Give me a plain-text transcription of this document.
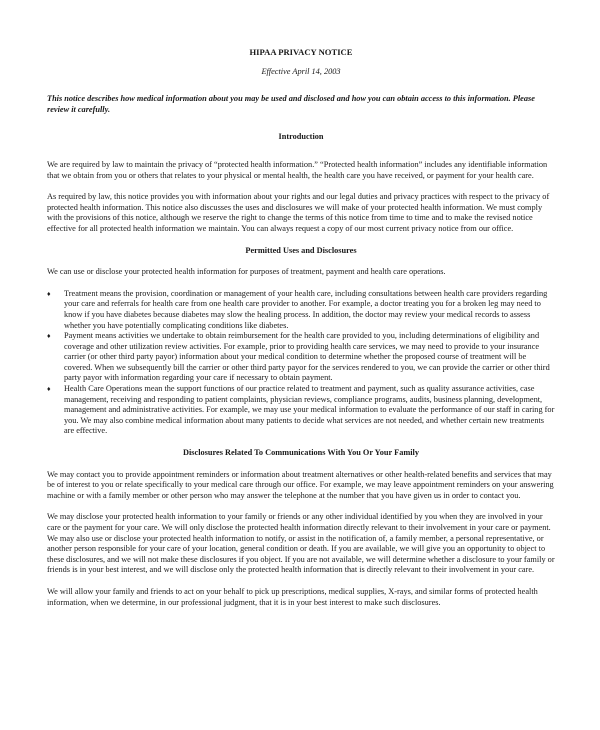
HIPAA PRIVACY NOTICE

Effective April 14, 2003

This notice describes how medical information about you may be used and disclosed and how you can obtain access to this information. Please review it carefully.

Introduction

We are required by law to maintain the privacy of “protected health information.” “Protected health information” includes any identifiable information that we obtain from you or others that relates to your physical or mental health, the health care you have received, or payment for your health care.

As required by law, this notice provides you with information about your rights and our legal duties and privacy practices with respect to the privacy of protected health information. This notice also discusses the uses and disclosures we will make of your protected health information. We must comply with the provisions of this notice, although we reserve the right to change the terms of this notice from time to time and to make the revised notice effective for all protected health information we maintain. You can always request a copy of our most current privacy notice from our office.

Permitted Uses and Disclosures

We can use or disclose your protected health information for purposes of treatment, payment and health care operations.

♦ Treatment means the provision, coordination or management of your health care, including consultations between health care providers regarding your care and referrals for health care from one health care provider to another. For example, a doctor treating you for a broken leg may need to know if you have diabetes because diabetes may slow the healing process. In addition, the doctor may review your medical records to assess whether you have potentially complicating conditions like diabetes.
♦ Payment means activities we undertake to obtain reimbursement for the health care provided to you, including determinations of eligibility and coverage and other utilization review activities. For example, prior to providing health care services, we may need to provide to your insurance carrier (or other third party payor) information about your medical condition to determine whether the proposed course of treatment will be covered. When we subsequently bill the carrier or other third party payor for the services rendered to you, we can provide the carrier or other third party payor with information regarding your care if necessary to obtain payment.
♦ Health Care Operations mean the support functions of our practice related to treatment and payment, such as quality assurance activities, case management, receiving and responding to patient complaints, physician reviews, compliance programs, audits, business planning, development, management and administrative activities. For example, we may use your medical information to evaluate the performance of our staff in caring for you. We may also combine medical information about many patients to decide what services are not needed, and whether certain new treatments are effective.

Disclosures Related To Communications With You Or Your Family

We may contact you to provide appointment reminders or information about treatment alternatives or other health-related benefits and services that may be of interest to you or relate specifically to your medical care through our office. For example, we may leave appointment reminders on your answering machine or with a family member or other person who may answer the telephone at the number that you have given us in order to contact you.

We may disclose your protected health information to your family or friends or any other individual identified by you when they are involved in your care or the payment for your care. We will only disclose the protected health information directly relevant to their involvement in your care or payment. We may also use or disclose your protected health information to notify, or assist in the notification of, a family member, a personal representative, or another person responsible for your care of your location, general condition or death. If you are available, we will give you an opportunity to object to these disclosures, and we will not make these disclosures if you object. If you are not available, we will determine whether a disclosure to your family or friends is in your best interest, and we will disclose only the protected health information that is directly relevant to their involvement in your care.

We will allow your family and friends to act on your behalf to pick up prescriptions, medical supplies, X-rays, and similar forms of protected health information, when we determine, in our professional judgment, that it is in your best interest to make such disclosures.
